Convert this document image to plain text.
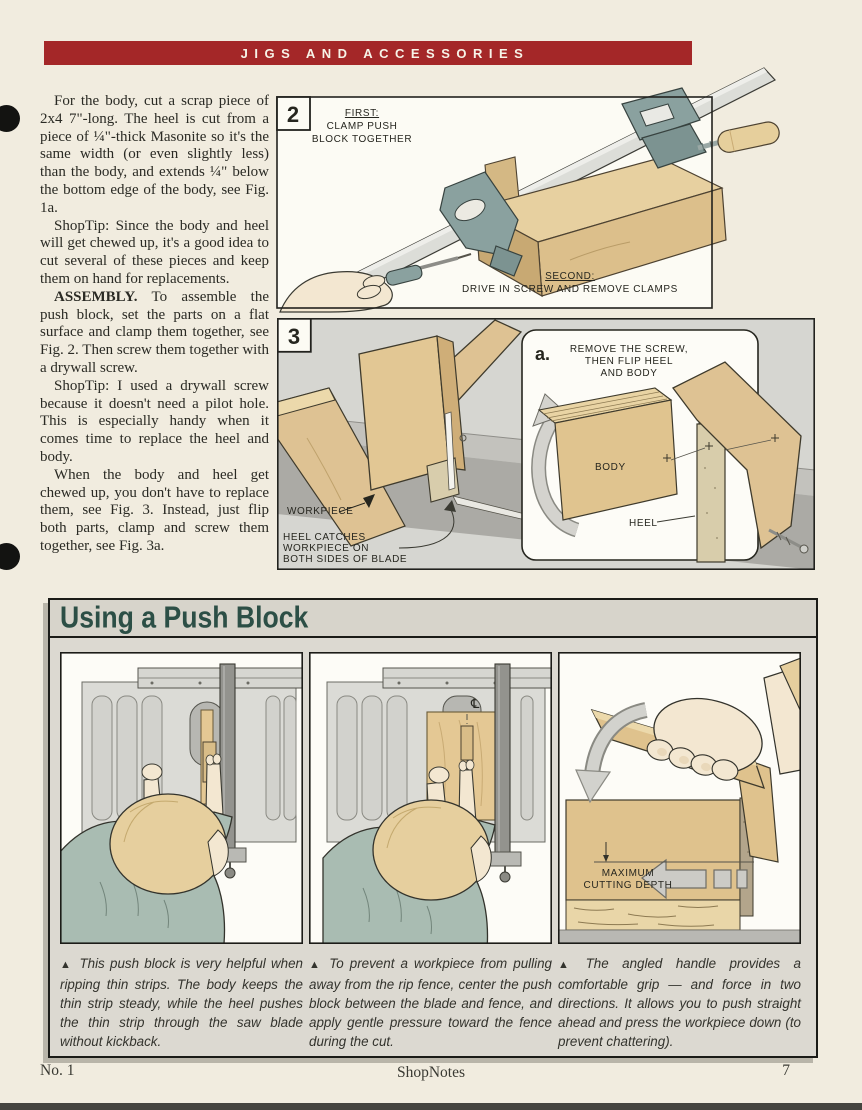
JIGS AND ACCESSORIES

For the body, cut a scrap piece of 2x4 7"-long. The heel is cut from a piece of ¼"-thick Masonite so it's the same width (or even slightly less) than the body, and extends ¼" below the bottom edge of the body, see Fig. 1a.

ShopTip: Since the body and heel will get chewed up, it's a good idea to cut several of these pieces and keep them on hand for replacements.

ASSEMBLY. To assemble the push block, set the parts on a flat surface and clamp them together, see Fig. 2. Then screw them together with a drywall screw.

ShopTip: I used a drywall screw because it doesn't need a pilot hole. This is especially handy when it comes time to replace the heel and body.

When the body and heel get chewed up, you don't have to replace them, see Fig. 3. Instead, just flip both parts, clamp and screw them together, see Fig. 3a.

2	FIRST:
CLAMP PUSH
BLOCK TOGETHER
SECOND:
DRIVE IN SCREW AND REMOVE CLAMPS
WORKPIECE
HEEL CATCHES
WORKPIECE ON
BOTH SIDES OF BLADE
a. REMOVE THE SCREW,
THEN FLIP HEEL
AND BODY
BODY
HEEL
3
Using a Push Block
℄
MAXIMUM
CUTTING DEPTH

▲ This push block is very helpful when ripping thin strips. The body keeps the thin strip steady, while the heel pushes the thin strip through the saw blade without kickback.

▲ To prevent a workpiece from pulling away from the rip fence, center the push block between the blade and fence, and apply gentle pressure toward the fence during the cut.

▲ The angled handle provides a comfortable grip — and force in two directions. It allows you to push straight ahead and press the workpiece down (to prevent chattering).

No. 1	ShopNotes	7
